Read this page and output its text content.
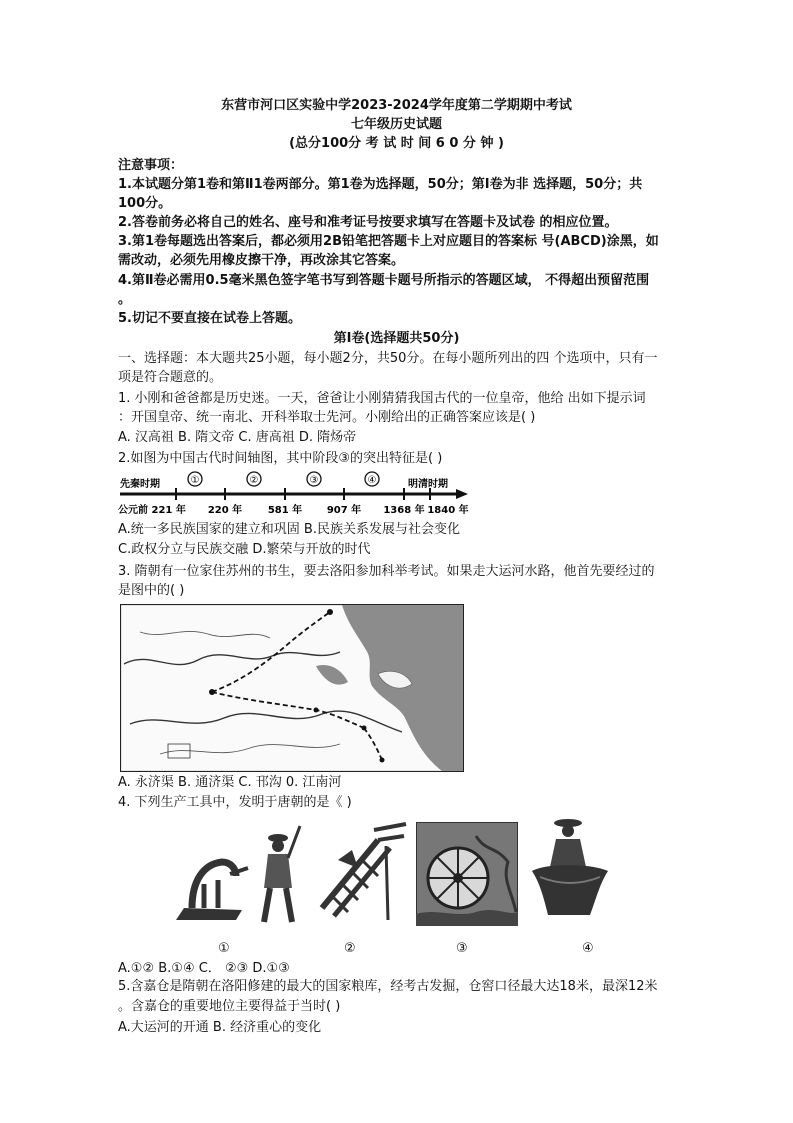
东营市河口区实验中学2023-2024学年度第二学期期中考试
七年级历史试题
(总分100分 考 试 时 间 6 0 分 钟 )
注意事项：
1.本试题分第1卷和第Ⅱ1卷两部分。第1卷为选择题，50分；第Ⅰ卷为非 选择题，50分；共
100分。
2.答卷前务必将自己的姓名、座号和准考证号按要求填写在答题卡及试卷 的相应位置。
3.第1卷每题选出答案后，都必须用2B铅笔把答题卡上对应题目的答案标 号(ABCD)涂黑，如
需改动，必须先用橡皮擦干净，再改涂其它答案。
4.第Ⅱ卷必需用0.5毫米黑色签字笔书写到答题卡题号所指示的答题区域， 不得超出预留范围
。
5.切记不要直接在试卷上答题。
第Ⅰ卷(选择题共50分)
一、选择题：本大题共25小题，每小题2分，共50分。在每小题所列出的四 个选项中，只有一
项是符合题意的。
1. 小刚和爸爸都是历史迷。一天，爸爸让小刚猜猜我国古代的一位皇帝，他给 出如下提示词
：开国皇帝、统一南北、开科举取士先河。小刚给出的正确答案应该是( )
A. 汉高祖 B. 隋文帝 C. 唐高祖 D. 隋炀帝
2.如图为中国古代时间轴图，其中阶段③的突出特征是( )
先秦时期	明清时期
①	②	③	④
公元前 221 年 220 年	581 年 907 年 1368 年 1840 年
A.统一多民族国家的建立和巩固 B.民族关系发展与社会变化
C.政权分立与民族交融 D.繁荣与开放的时代
3. 隋朝有一位家住苏州的书生，要去洛阳参加科举考试。如果走大运河水路，他首先要经过的
是图中的( )
A. 永济渠 B. 通济渠 C. 邗沟 0. 江南河
4. 下列生产工具中，发明于唐朝的是《 )
①	②	③	④
A.①② B.①④ C． ②③ D.①③
5.含嘉仓是隋朝在洛阳修建的最大的国家粮库，经考古发掘，仓窖口径最大达18米，最深12米
。含嘉仓的重要地位主要得益于当时( )
A.大运河的开通 B. 经济重心的变化
